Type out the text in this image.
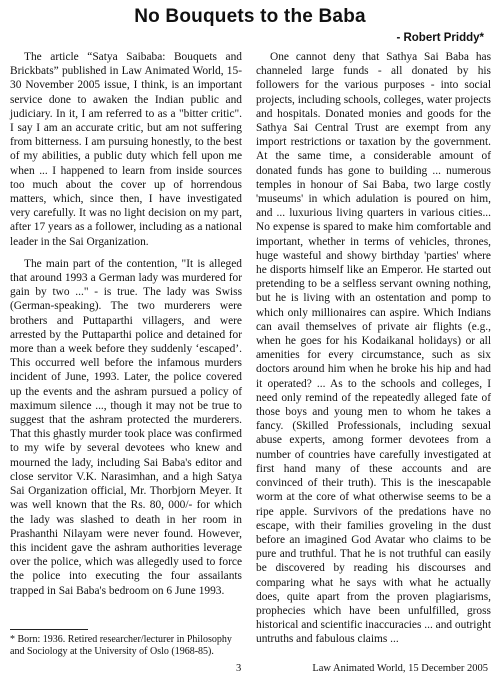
No Bouquets to the Baba
- Robert Priddy*

The article “Satya Saibaba: Bouquets and Brickbats” published in Law Animated World, 15-30 November 2005 issue, I think, is an important service done to awaken the Indian public and judiciary. In it, I am referred to as a "bitter critic". I say I am an accurate critic, but am not suffering from bitterness. I am pursuing honestly, to the best of my abilities, a public duty which fell upon me when ... I happened to learn from inside sources too much about the cover up of horrendous matters, which, since then, I have investigated very carefully. It was no light decision on my part, after 17 years as a follower, including as a national leader in the Sai Organization.

The main part of the contention, "It is alleged that around 1993 a German lady was murdered for gain by two ..." - is true. The lady was Swiss (German-speaking). The two murderers were brothers and Puttaparthi villagers, and were arrested by the Puttaparthi police and detained for more than a week before they suddenly ‘escaped’. This occurred well before the infamous murders incident of June, 1993. Later, the police covered up the events and the ashram pursued a policy of maximum silence ..., though it may not be true to suggest that the ashram protected the murderers. That this ghastly murder took place was confirmed to my wife by several devotees who knew and mourned the lady, including Sai Baba's editor and close servitor V.K. Narasimhan, and a high Satya Sai Organization official, Mr. Thorbjorn Meyer. It was well known that the Rs. 80, 000/- for which the lady was slashed to death in her room in Prashanthi Nilayam were never found. However, this incident gave the ashram authorities leverage over the police, which was allegedly used to force the police into executing the four assailants trapped in Sai Baba's bedroom on 6 June 1993.

One cannot deny that Sathya Sai Baba has channeled large funds - all donated by his followers for the various purposes - into social projects, including schools, colleges, water projects and hospitals. Donated monies and goods for the Sathya Sai Central Trust are exempt from any import restrictions or taxation by the government. At the same time, a considerable amount of donated funds has gone to building ... numerous temples in honour of Sai Baba, two large costly 'museums' in which adulation is poured on him, and ... luxurious living quarters in various cities... No expense is spared to make him comfortable and important, whether in terms of vehicles, thrones, huge wasteful and showy birthday 'parties' where he disports himself like an Emperor. He started out pretending to be a selfless servant owning nothing, but he is living with an ostentation and pomp to which only millionaires can aspire. Which Indians can avail themselves of private air flights (e.g., when he goes for his Kodaikanal holidays) or all amenities for every circumstance, such as six doctors around him when he broke his hip and had it operated? ... As to the schools and colleges, I need only remind of the repeatedly alleged fate of those boys and young men to whom he takes a fancy. (Skilled Professionals, including sexual abuse experts, among former devotees from a number of countries have carefully investigated at first hand many of these accounts and are convinced of their truth). This is the inescapable worm at the core of what otherwise seems to be a ripe apple. Survivors of the predations have no escape, with their families groveling in the dust before an imagined God Avatar who claims to be pure and truthful. That he is not truthful can easily be discovered by reading his discourses and comparing what he says with what he actually does, quite apart from the proven plagiarisms, prophecies which have been unfulfilled, gross historical and scientific inaccuracies ... and outright untruths and fabulous claims ...

* Born: 1936. Retired researcher/lecturer in Philosophy and Sociology at the University of Oslo (1968-85).
3	Law Animated World, 15 December 2005
